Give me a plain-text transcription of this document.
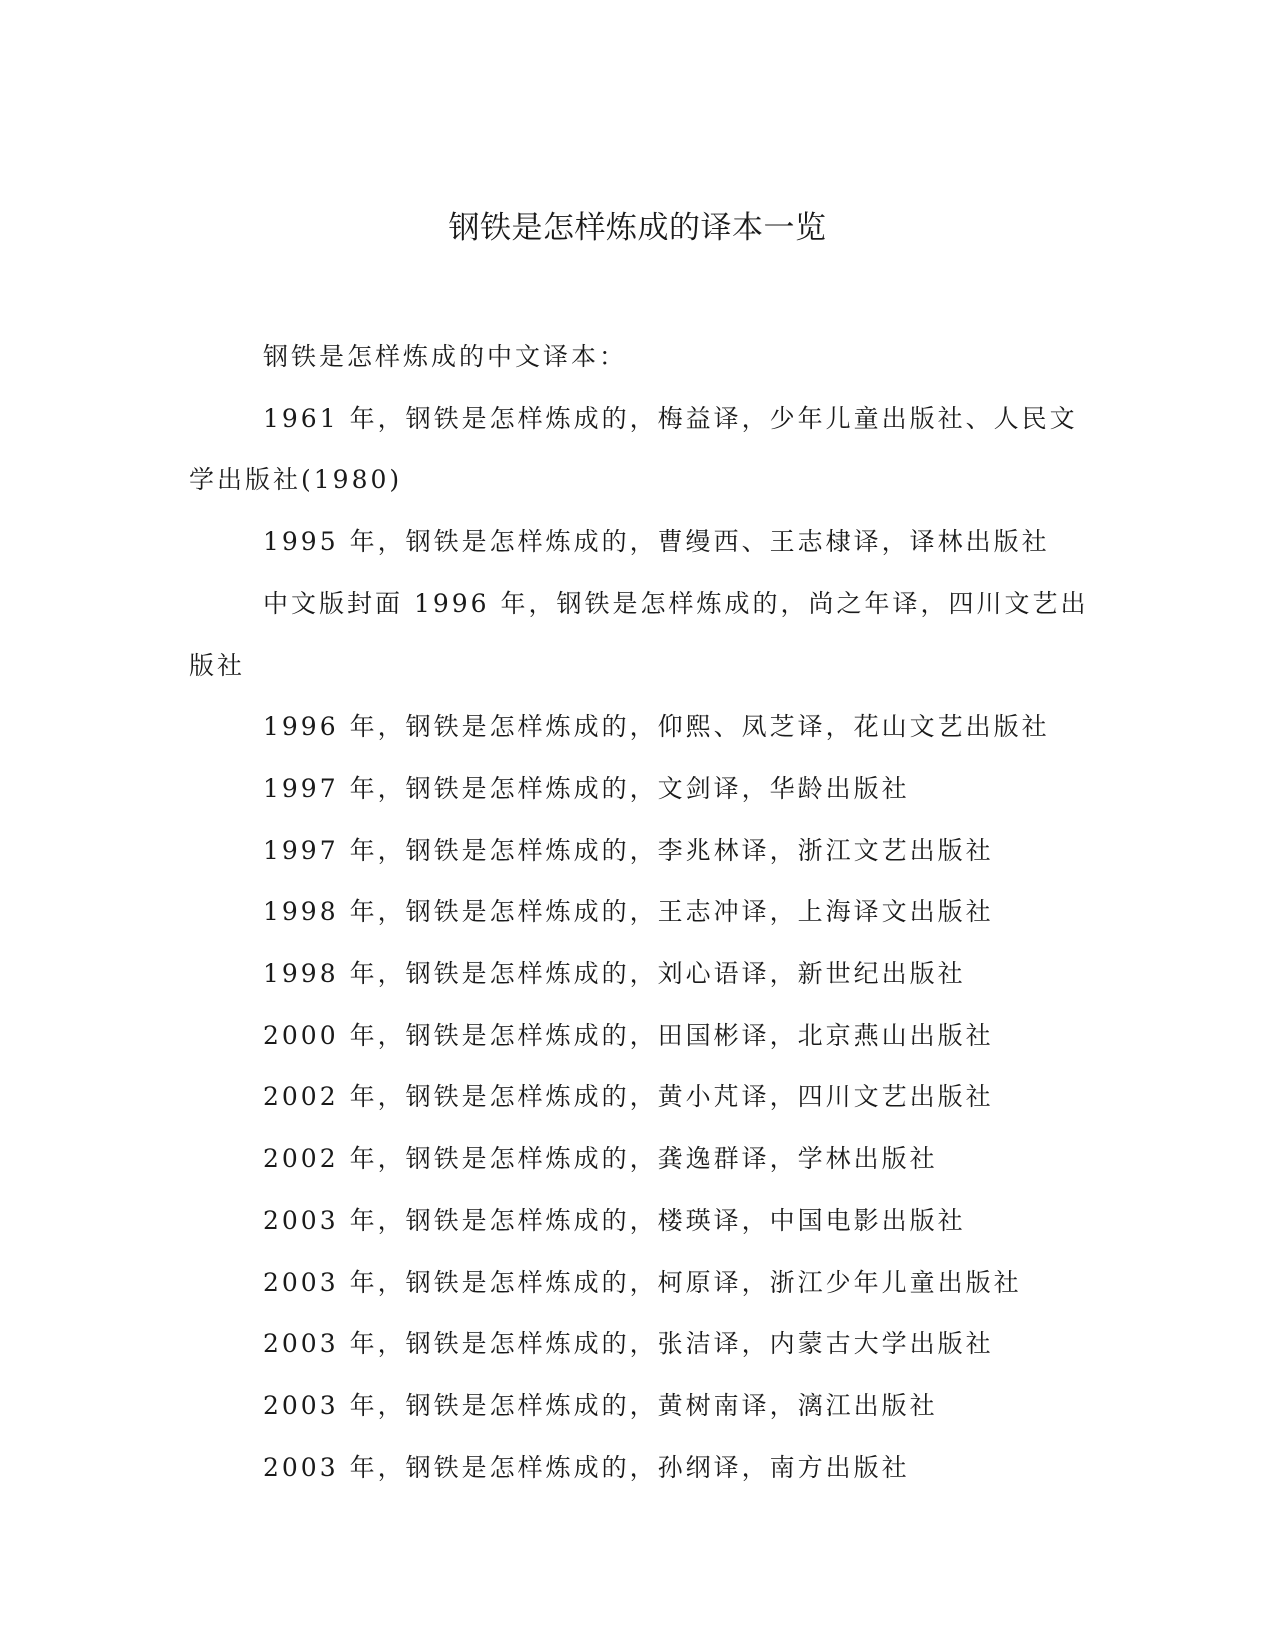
钢铁是怎样炼成的译本一览

钢铁是怎样炼成的中文译本：

1961 年，钢铁是怎样炼成的，梅益译，少年儿童出版社、人民文学出版社(1980)

1995 年，钢铁是怎样炼成的，曹缦西、王志棣译，译林出版社

中文版封面 1996 年，钢铁是怎样炼成的，尚之年译，四川文艺出版社

1996 年，钢铁是怎样炼成的，仰熙、凤芝译，花山文艺出版社

1997 年，钢铁是怎样炼成的，文剑译，华龄出版社

1997 年，钢铁是怎样炼成的，李兆林译，浙江文艺出版社

1998 年，钢铁是怎样炼成的，王志冲译，上海译文出版社

1998 年，钢铁是怎样炼成的，刘心语译，新世纪出版社

2000 年，钢铁是怎样炼成的，田国彬译，北京燕山出版社

2002 年，钢铁是怎样炼成的，黄小芃译，四川文艺出版社

2002 年，钢铁是怎样炼成的，龚逸群译，学林出版社

2003 年，钢铁是怎样炼成的，楼瑛译，中国电影出版社

2003 年，钢铁是怎样炼成的，柯原译，浙江少年儿童出版社

2003 年，钢铁是怎样炼成的，张洁译，内蒙古大学出版社

2003 年，钢铁是怎样炼成的，黄树南译，漓江出版社

2003 年，钢铁是怎样炼成的，孙纲译，南方出版社
